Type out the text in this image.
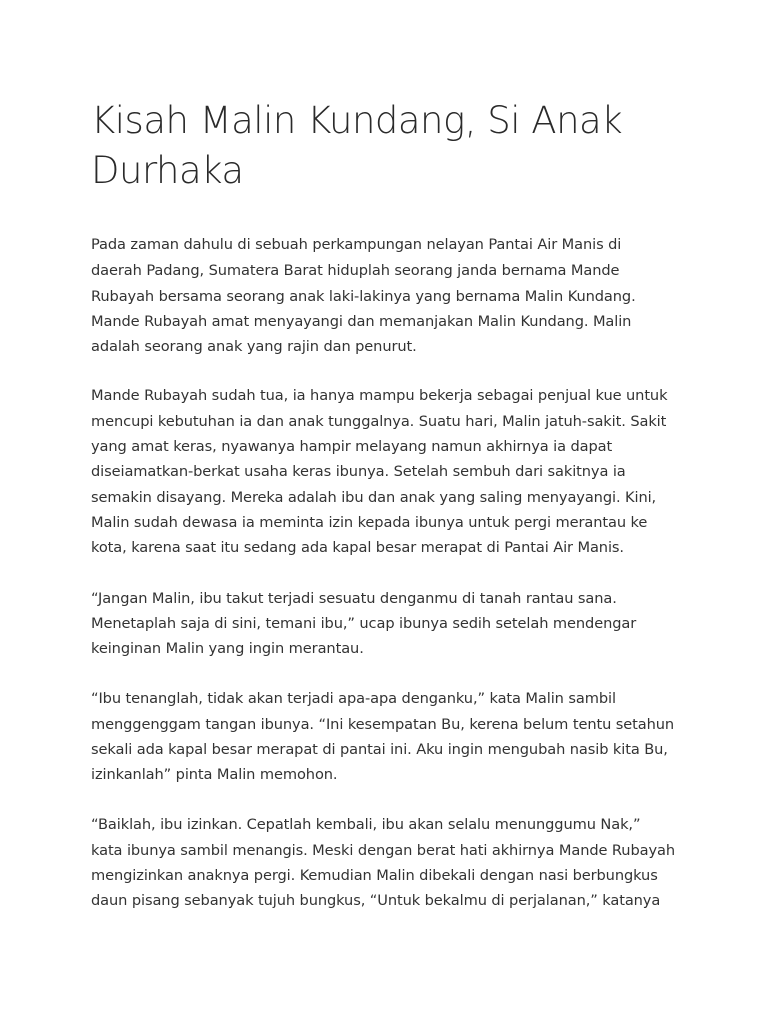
Kisah Malin Kundang, Si Anak
Durhaka

Pada zaman dahulu di sebuah perkampungan nelayan Pantai Air Manis di

daerah Padang, Sumatera Barat hiduplah seorang janda bernama Mande

Rubayah bersama seorang anak laki-lakinya yang bernama Malin Kundang.

Mande Rubayah amat menyayangi dan memanjakan Malin Kundang. Malin

adalah seorang anak yang rajin dan penurut.

Mande Rubayah sudah tua, ia hanya mampu bekerja sebagai penjual kue untuk

mencupi kebutuhan ia dan anak tunggalnya. Suatu hari, Malin jatuh-sakit. Sakit

yang amat keras, nyawanya hampir melayang namun akhirnya ia dapat

diseiamatkan-berkat usaha keras ibunya. Setelah sembuh dari sakitnya ia

semakin disayang. Mereka adalah ibu dan anak yang saling menyayangi. Kini,

Malin sudah dewasa ia meminta izin kepada ibunya untuk pergi merantau ke

kota, karena saat itu sedang ada kapal besar merapat di Pantai Air Manis.

“Jangan Malin, ibu takut terjadi sesuatu denganmu di tanah rantau sana.

Menetaplah saja di sini, temani ibu,” ucap ibunya sedih setelah mendengar

keinginan Malin yang ingin merantau.

“Ibu tenanglah, tidak akan terjadi apa-apa denganku,” kata Malin sambil

menggenggam tangan ibunya. “Ini kesempatan Bu, kerena belum tentu setahun

sekali ada kapal besar merapat di pantai ini. Aku ingin mengubah nasib kita Bu,

izinkanlah” pinta Malin memohon.

“Baiklah, ibu izinkan. Cepatlah kembali, ibu akan selalu menunggumu Nak,”

kata ibunya sambil menangis. Meski dengan berat hati akhirnya Mande Rubayah

mengizinkan anaknya pergi. Kemudian Malin dibekali dengan nasi berbungkus

daun pisang sebanyak tujuh bungkus, “Untuk bekalmu di perjalanan,” katanya
